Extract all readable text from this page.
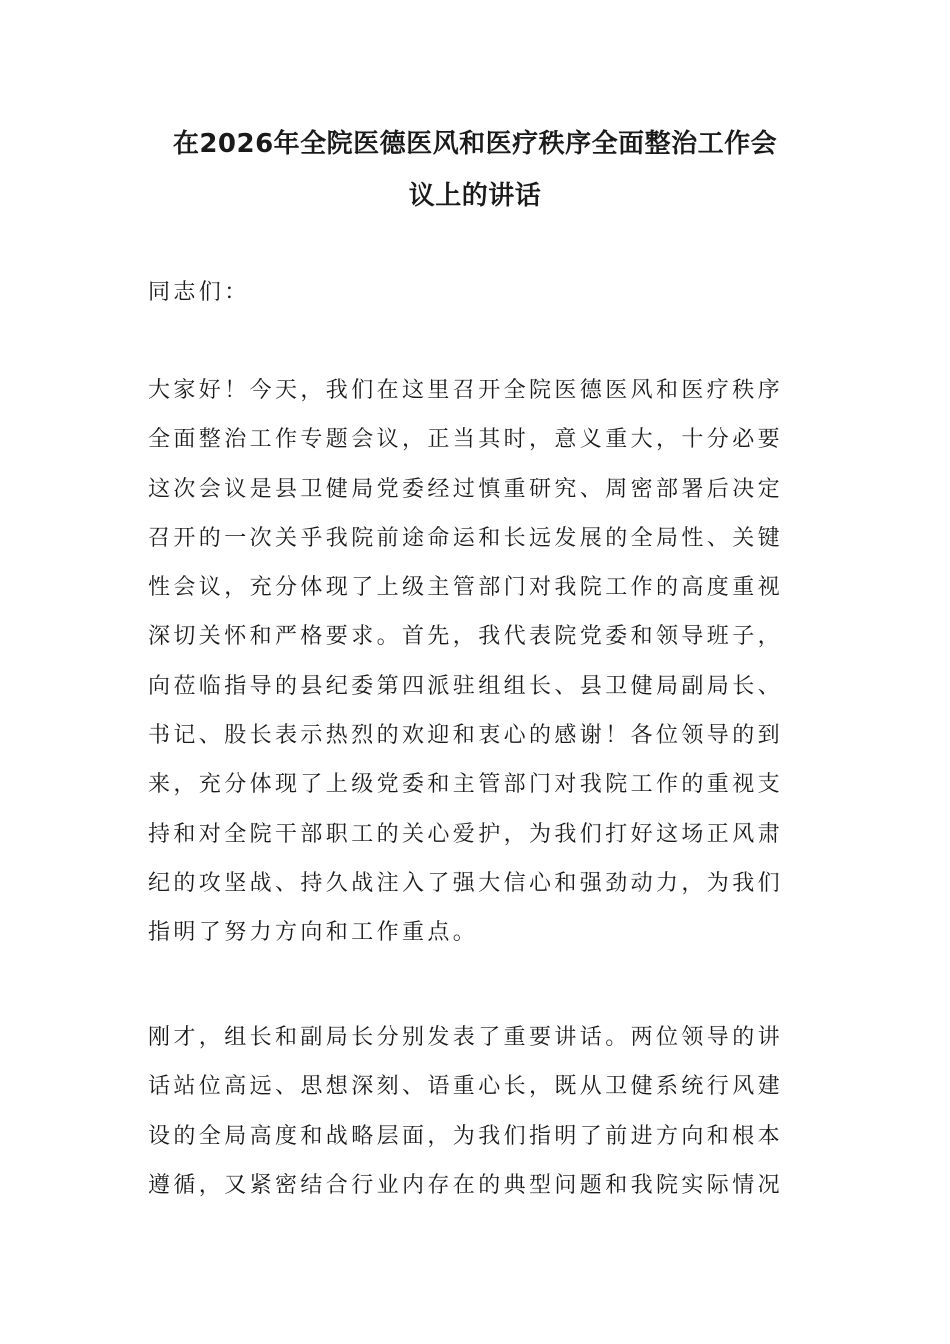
在2026年全院医德医风和医疗秩序全面整治工作会
议上的讲话
同志们：
大家好！今天，我们在这里召开全院医德医风和医疗秩序
全面整治工作专题会议，正当其时，意义重大，十分必要
这次会议是县卫健局党委经过慎重研究、周密部署后决定
召开的一次关乎我院前途命运和长远发展的全局性、关键
性会议，充分体现了上级主管部门对我院工作的高度重视
深切关怀和严格要求。首先，我代表院党委和领导班子，
向莅临指导的县纪委第四派驻组组长、县卫健局副局长、
书记、股长表示热烈的欢迎和衷心的感谢！各位领导的到
来，充分体现了上级党委和主管部门对我院工作的重视支
持和对全院干部职工的关心爱护，为我们打好这场正风肃
纪的攻坚战、持久战注入了强大信心和强劲动力，为我们
指明了努力方向和工作重点。
刚才，组长和副局长分别发表了重要讲话。两位领导的讲
话站位高远、思想深刻、语重心长，既从卫健系统行风建
设的全局高度和战略层面，为我们指明了前进方向和根本
遵循，又紧密结合行业内存在的典型问题和我院实际情况
